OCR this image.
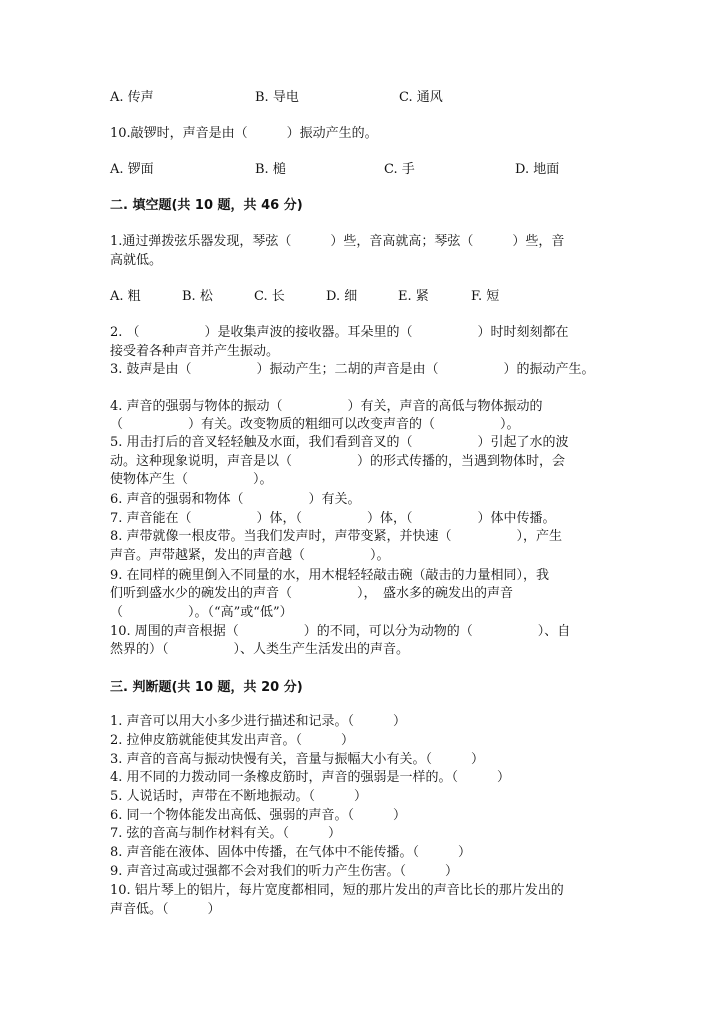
A. 传声	B. 导电	C. 通风
10.敲锣时，声音是由（　　　）振动产生的。
A. 锣面	B. 槌	C. 手	D. 地面
二. 填空题(共 10 题，共 46 分)
1.通过弹拨弦乐器发现，琴弦（　　　）些，音高就高；琴弦（　　　）些，音
高就低。
A. 粗	B. 松	C. 长	D. 细	E. 紧	F. 短
2. （　　　　　）是收集声波的接收器。耳朵里的（　　　　　）时时刻刻都在
接受着各种声音并产生振动。
3. 鼓声是由（　　　　　）振动产生；二胡的声音是由（　　　　　）的振动产生。
4. 声音的强弱与物体的振动（　　　　　）有关，声音的高低与物体振动的
（　　　　　）有关。改变物质的粗细可以改变声音的（　　　　　）。
5. 用击打后的音叉轻轻触及水面，我们看到音叉的（　　　　　）引起了水的波
动。这种现象说明，声音是以（　　　　　）的形式传播的，当遇到物体时，会
使物体产生（　　　　　）。
6. 声音的强弱和物体（　　　　　）有关。
7. 声音能在（　　　　　）体，（　　　　　）体，（　　　　　）体中传播。
8. 声带就像一根皮带。当我们发声时，声带变紧，并快速（　　　　　），产生
声音。声带越紧，发出的声音越（　　　　　）。
9. 在同样的碗里倒入不同量的水，用木棍轻轻敲击碗（敲击的力量相同），我
们听到盛水少的碗发出的声音（　　　　　），　盛水多的碗发出的声音
（　　　　　）。（“高”或“低”）
10. 周围的声音根据（　　　　　）的不同，可以分为动物的（　　　　　）、自
然界的）（　　　　　）、人类生产生活发出的声音。
三. 判断题(共 10 题，共 20 分)
1. 声音可以用大小多少进行描述和记录。（　　　）
2. 拉伸皮筋就能使其发出声音。（　　　）
3. 声音的音高与振动快慢有关，音量与振幅大小有关。（　　　）
4. 用不同的力拨动同一条橡皮筋时，声音的强弱是一样的。（　　　）
5. 人说话时，声带在不断地振动。（　　　）
6. 同一个物体能发出高低、强弱的声音。（　　　）
7. 弦的音高与制作材料有关。（　　　）
8. 声音能在液体、固体中传播，在气体中不能传播。（　　　）
9. 声音过高或过强都不会对我们的听力产生伤害。（　　　）
10. 铝片琴上的铝片，每片宽度都相同，短的那片发出的声音比长的那片发出的
声音低。（　　　）
